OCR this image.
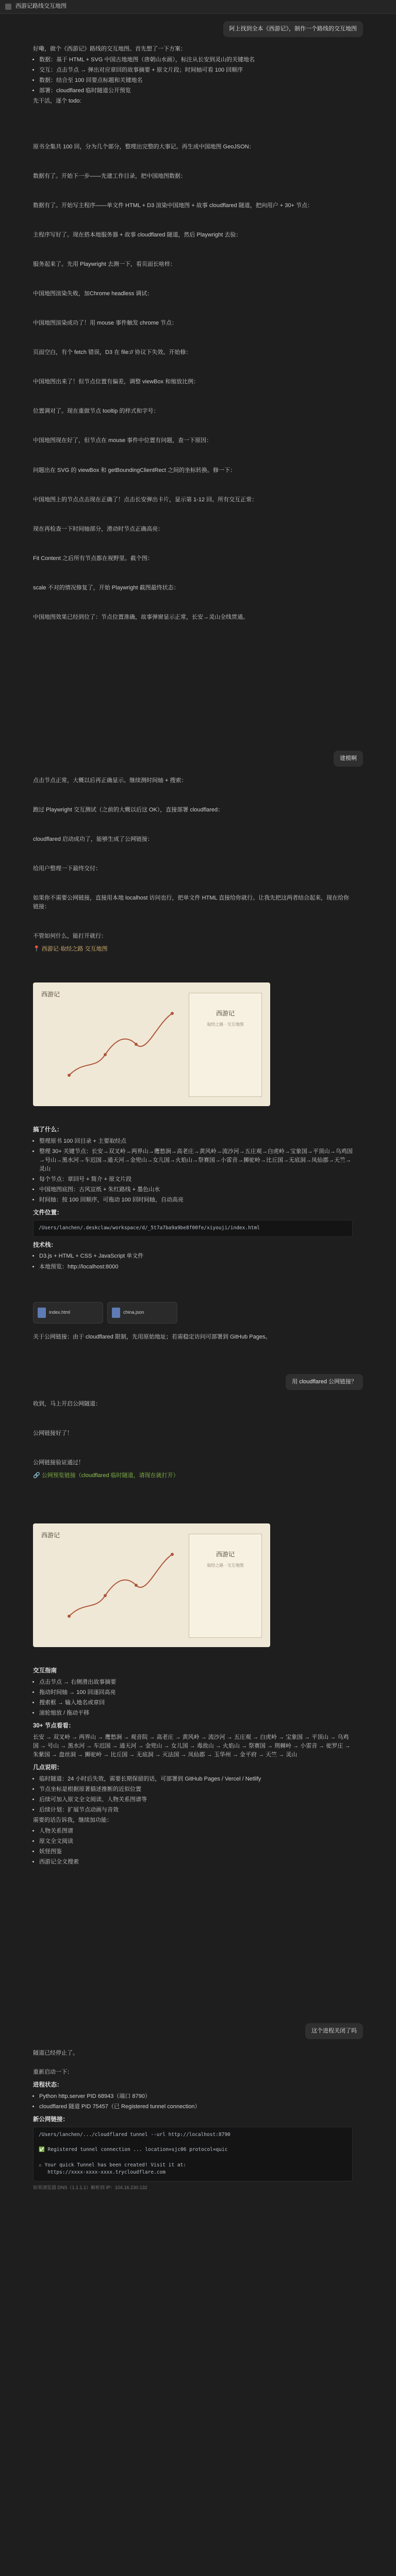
西游记路线交互地图
阿上找到全本《西游记》，制作一个路线的交互地图

好嘞，做个《西游记》路线的交互地图。首先想了一下方案：

• 数据：基于 HTML + SVG 中国古地地图（唐朝山水画），标注从长安到灵山的关键地名
• 交互：点击节点 → 弹出对应章回的故事摘要 + 原文片段；时间轴可看 100 回顺序
• 数据：结合至 100 回要点标题和关键地名
• 部署：cloudflared 临时隧道公开预览

先干活，逐个 todo:

原书全集共 100 回，分为几个部分，整理出完整的大事记。再生成中国地图 GeoJSON：

数据有了。开始下一步——先建工作目录，把中国地图数据：

数据有了。开始写主程序——单文件 HTML + D3 渲染中国地图 + 故事 cloudflared 隧道，把向用户 + 30+ 节点：

主程序写好了。现在搭本地服务器 + 故事 cloudflared 隧道，然后 Playwright 去验：

服务起来了。先用 Playwright 去测一下，看页面长啥样：

中国地图渲染失败，加Chrome headless 调试：

中国地图渲染成功了！用 mouse 事件触发 chrome 节点：

页面空白，有个 fetch 错误，D3 在 file:// 协议下失效。开始修：

中国地图出来了！但节点位置有偏差，调整 viewBox 和缩放比例：

位置调对了。现在重做节点 tooltip 的样式和字号：

中国地图现在好了，但节点在 mouse 事件中位置有问题，查一下原因：

问题出在 SVG 的 viewBox 和 getBoundingClientRect 之间的坐标转换。修一下：

中国地图上的节点点击现在正确了！点击长安弹出卡片，显示第 1-12 回。所有交互正常：

现在再检查一下时间轴部分，滑动时节点正确高亮：

Fit Content 之后所有节点都在视野里。截个图：

scale 不对的情况修复了，开始 Playwright 截图最终状态：

中国地图效果已经到位了：节点位置准确，故事弹窗显示正常，长安→灵山全线贯通。

建模啊

点击节点正常，大概以后再正确显示。继续测时间轴 + 搜索：

跑过 Playwright 交互测试（之前的大概以后这 OK），直接部署 cloudflared：

cloudflared 启动成功了，能够生成了公网链接：

给用户整理一下最终交付：

如果你不需要公网链接，直接用本地 localhost 访问也行，把单文件 HTML 直接给你就行。让我先把这两者结合起来，现在给你链接：

不管如何什么，能打开就行：

📍 西游记·取经之路 交互地图

西游记
西游记
取经之路 · 交互地图
搞了什么：
• 整理原书 100 回目录 + 主要取经点
• 整理 30+ 关键节点：长安→双叉岭→两界山→鹰愁涧→高老庄→黄风岭→流沙河→五庄观→白虎岭→宝象国→平顶山→乌鸡国→号山→黑水河→车迟国→通天河→金兜山→女儿国→火焰山→祭赛国→小雷音→狮驼岭→比丘国→无底洞→凤仙郡→天竺→灵山
• 每个节点：章回号 + 简介 + 原文片段
• 中国地图底图：古风宣纸 + 朱红路线 + 墨色山水
• 时间轴：按 100 回顺序，可拖动 100 回时间轴，自动高亮
文件位置：
/Users/lanchen/.deskclaw/workspace/d/_5t7a7ba9a9be8f00fe/xiyouji/index.html
技术栈：
• D3.js + HTML + CSS + JavaScript 单文件
• 本地预览：http://localhost:8000
index.html	china.json

关于公网链接：由于 cloudflared 限制，先用原始地址；若需稳定访问可部署到 GitHub Pages。

用 cloudflared 公网链接？

收到，马上开启公网隧道：

公网链接好了！

公网链接验证通过！

🔗 公网预览链接（cloudflared 临时隧道，请现在就打开）

西游记
西游记
取经之路 · 交互地图
交互指南
• 点击节点 → 右侧滑出故事摘要
• 拖动时间轴 → 100 回逐回高亮
• 搜索框 → 输入地名或章回
• 滚轮缩放 / 拖动平移
30+ 节点看看：

长安 → 双叉岭 → 两界山 → 鹰愁涧 → 观音院 → 高老庄 → 黄风岭 → 流沙河 → 五庄观 → 白虎岭 → 宝象国 → 平顶山 → 乌鸡国 → 号山 → 黑水河 → 车迟国 → 通天河 → 金兜山 → 女儿国 → 毒敌山 → 火焰山 → 祭赛国 → 荆棘岭 → 小雷音 → 驼罗庄 → 朱紫国 → 盘丝洞 → 狮驼岭 → 比丘国 → 无底洞 → 灭法国 → 凤仙郡 → 玉华州 → 金平府 → 天竺 → 灵山

几点说明：
• 临时隧道：24 小时后失效，需要长期保留的话，可部署到 GitHub Pages / Vercel / Netlify
• 节点坐标是根据原著描述推断的近似位置
• 后续可加入原文全文阅读、人物关系图谱等
• 后续计划：扩展节点动画与音效

需要的话告诉我，继续加功能：

• 人物关系图谱
• 原文全文阅读
• 妖怪图鉴
• 西游记全文搜索
这个进程关闭了吗

隧道已经停止了。

重新启动一下：

进程状态：
• Python http.server PID 68943（端口 8790）
• cloudflared 隧道 PID 75457（已 Registered tunnel connection）
新公网链接：
/Users/lanchen/.../cloudflared tunnel --url http://localhost:8790

✅ Registered tunnel connection ... location=sjc06 protocol=quic

⚠ Your quick Tunnel has been created! Visit it at:
https://xxxx-xxxx-xxxx.trycloudflare.com

如果浏览器 DNS（1.1.1.1）解析到 IP：104.16.230.132
